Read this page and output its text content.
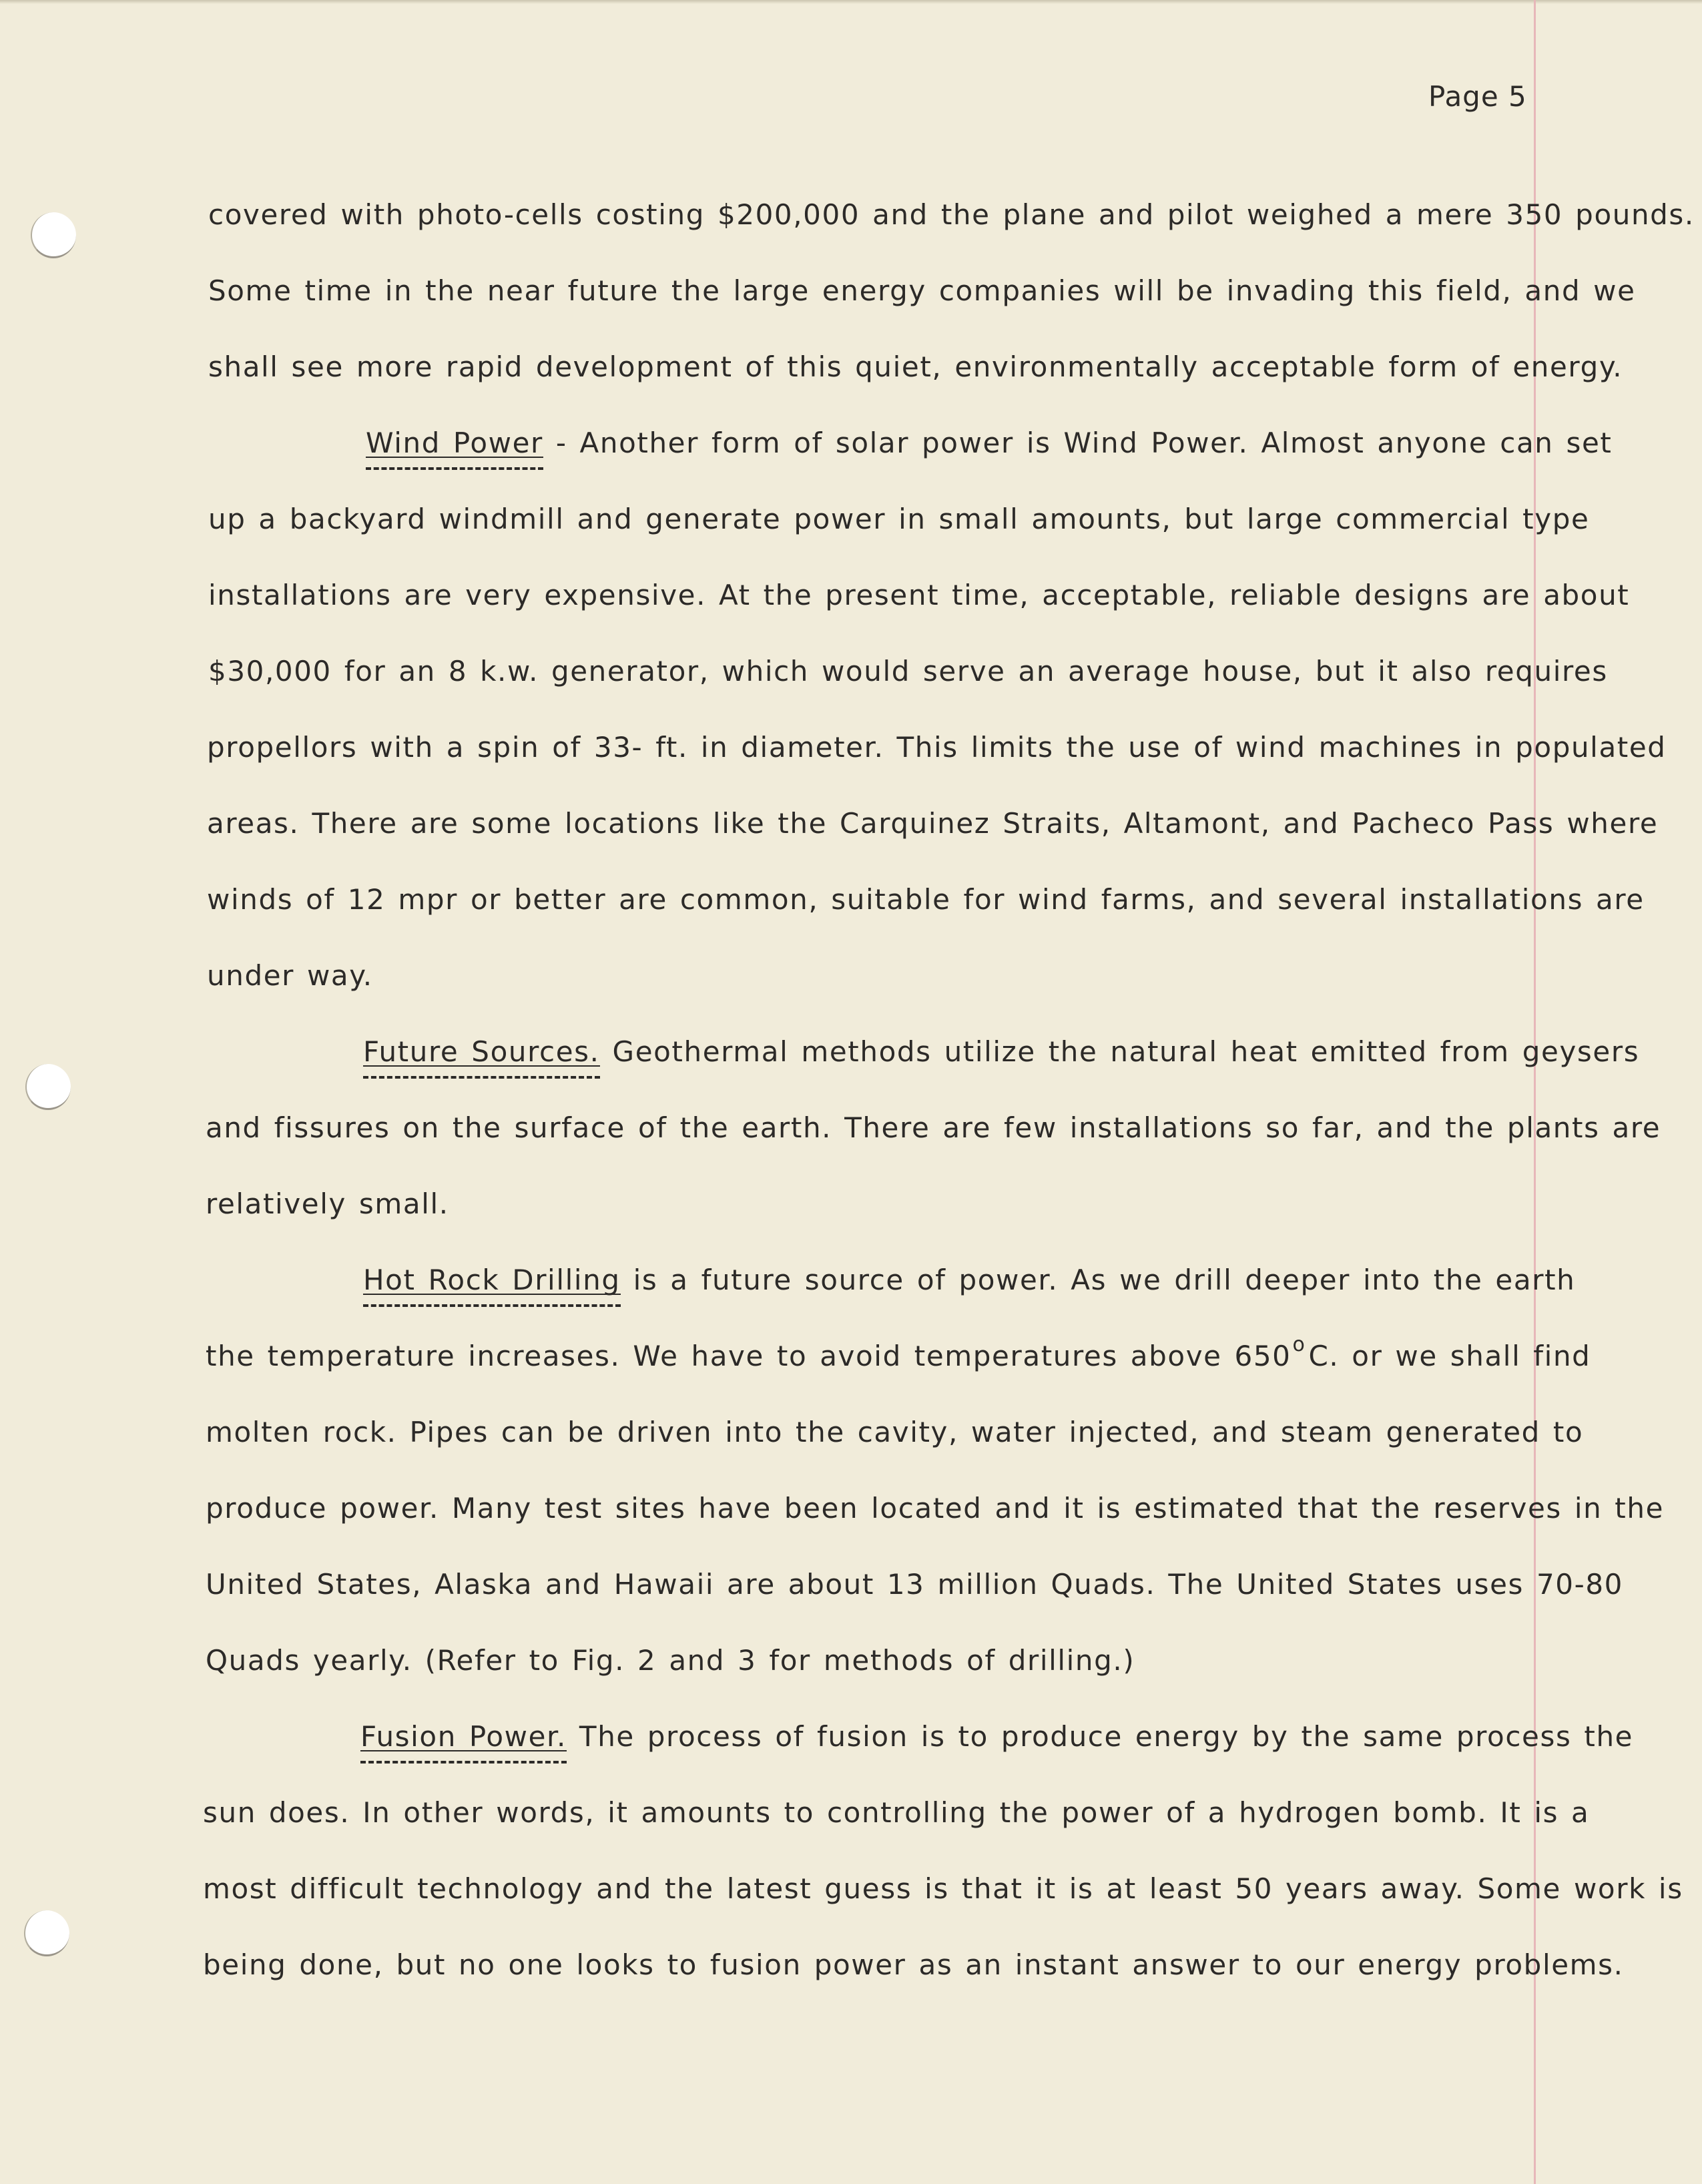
Page 5
covered with photo-cells costing $200,000 and the plane and pilot weighed a mere 350 pounds.
Some time in the near future the large energy companies will be invading this field, and we
shall see more rapid development of this quiet, environmentally acceptable form of energy.
Wind Power - Another form of solar power is Wind Power. Almost anyone can set
up a backyard windmill and generate power in small amounts, but large commercial type
installations are very expensive. At the present time, acceptable, reliable designs are about
$30,000 for an 8 k.w. generator, which would serve an average house, but it also requires
propellors with a spin of 33- ft. in diameter. This limits the use of wind machines in populated
areas. There are some locations like the Carquinez Straits, Altamont, and Pacheco Pass where
winds of 12 mpr or better are common, suitable for wind farms, and several installations are
under way.
Future Sources. Geothermal methods utilize the natural heat emitted from geysers
and fissures on the surface of the earth. There are few installations so far, and the plants are
relatively small.
Hot Rock Drilling is a future source of power. As we drill deeper into the earth
the temperature increases. We have to avoid temperatures above 650$^o$C. or we shall find
molten rock. Pipes can be driven into the cavity, water injected, and steam generated to
produce power. Many test sites have been located and it is estimated that the reserves in the
United States, Alaska and Hawaii are about 13 million Quads. The United States uses 70-80
Quads yearly. (Refer to Fig. 2 and 3 for methods of drilling.)
Fusion Power. The process of fusion is to produce energy by the same process the
sun does. In other words, it amounts to controlling the power of a hydrogen bomb. It is a
most difficult technology and the latest guess is that it is at least 50 years away. Some work is
being done, but no one looks to fusion power as an instant answer to our energy problems.
